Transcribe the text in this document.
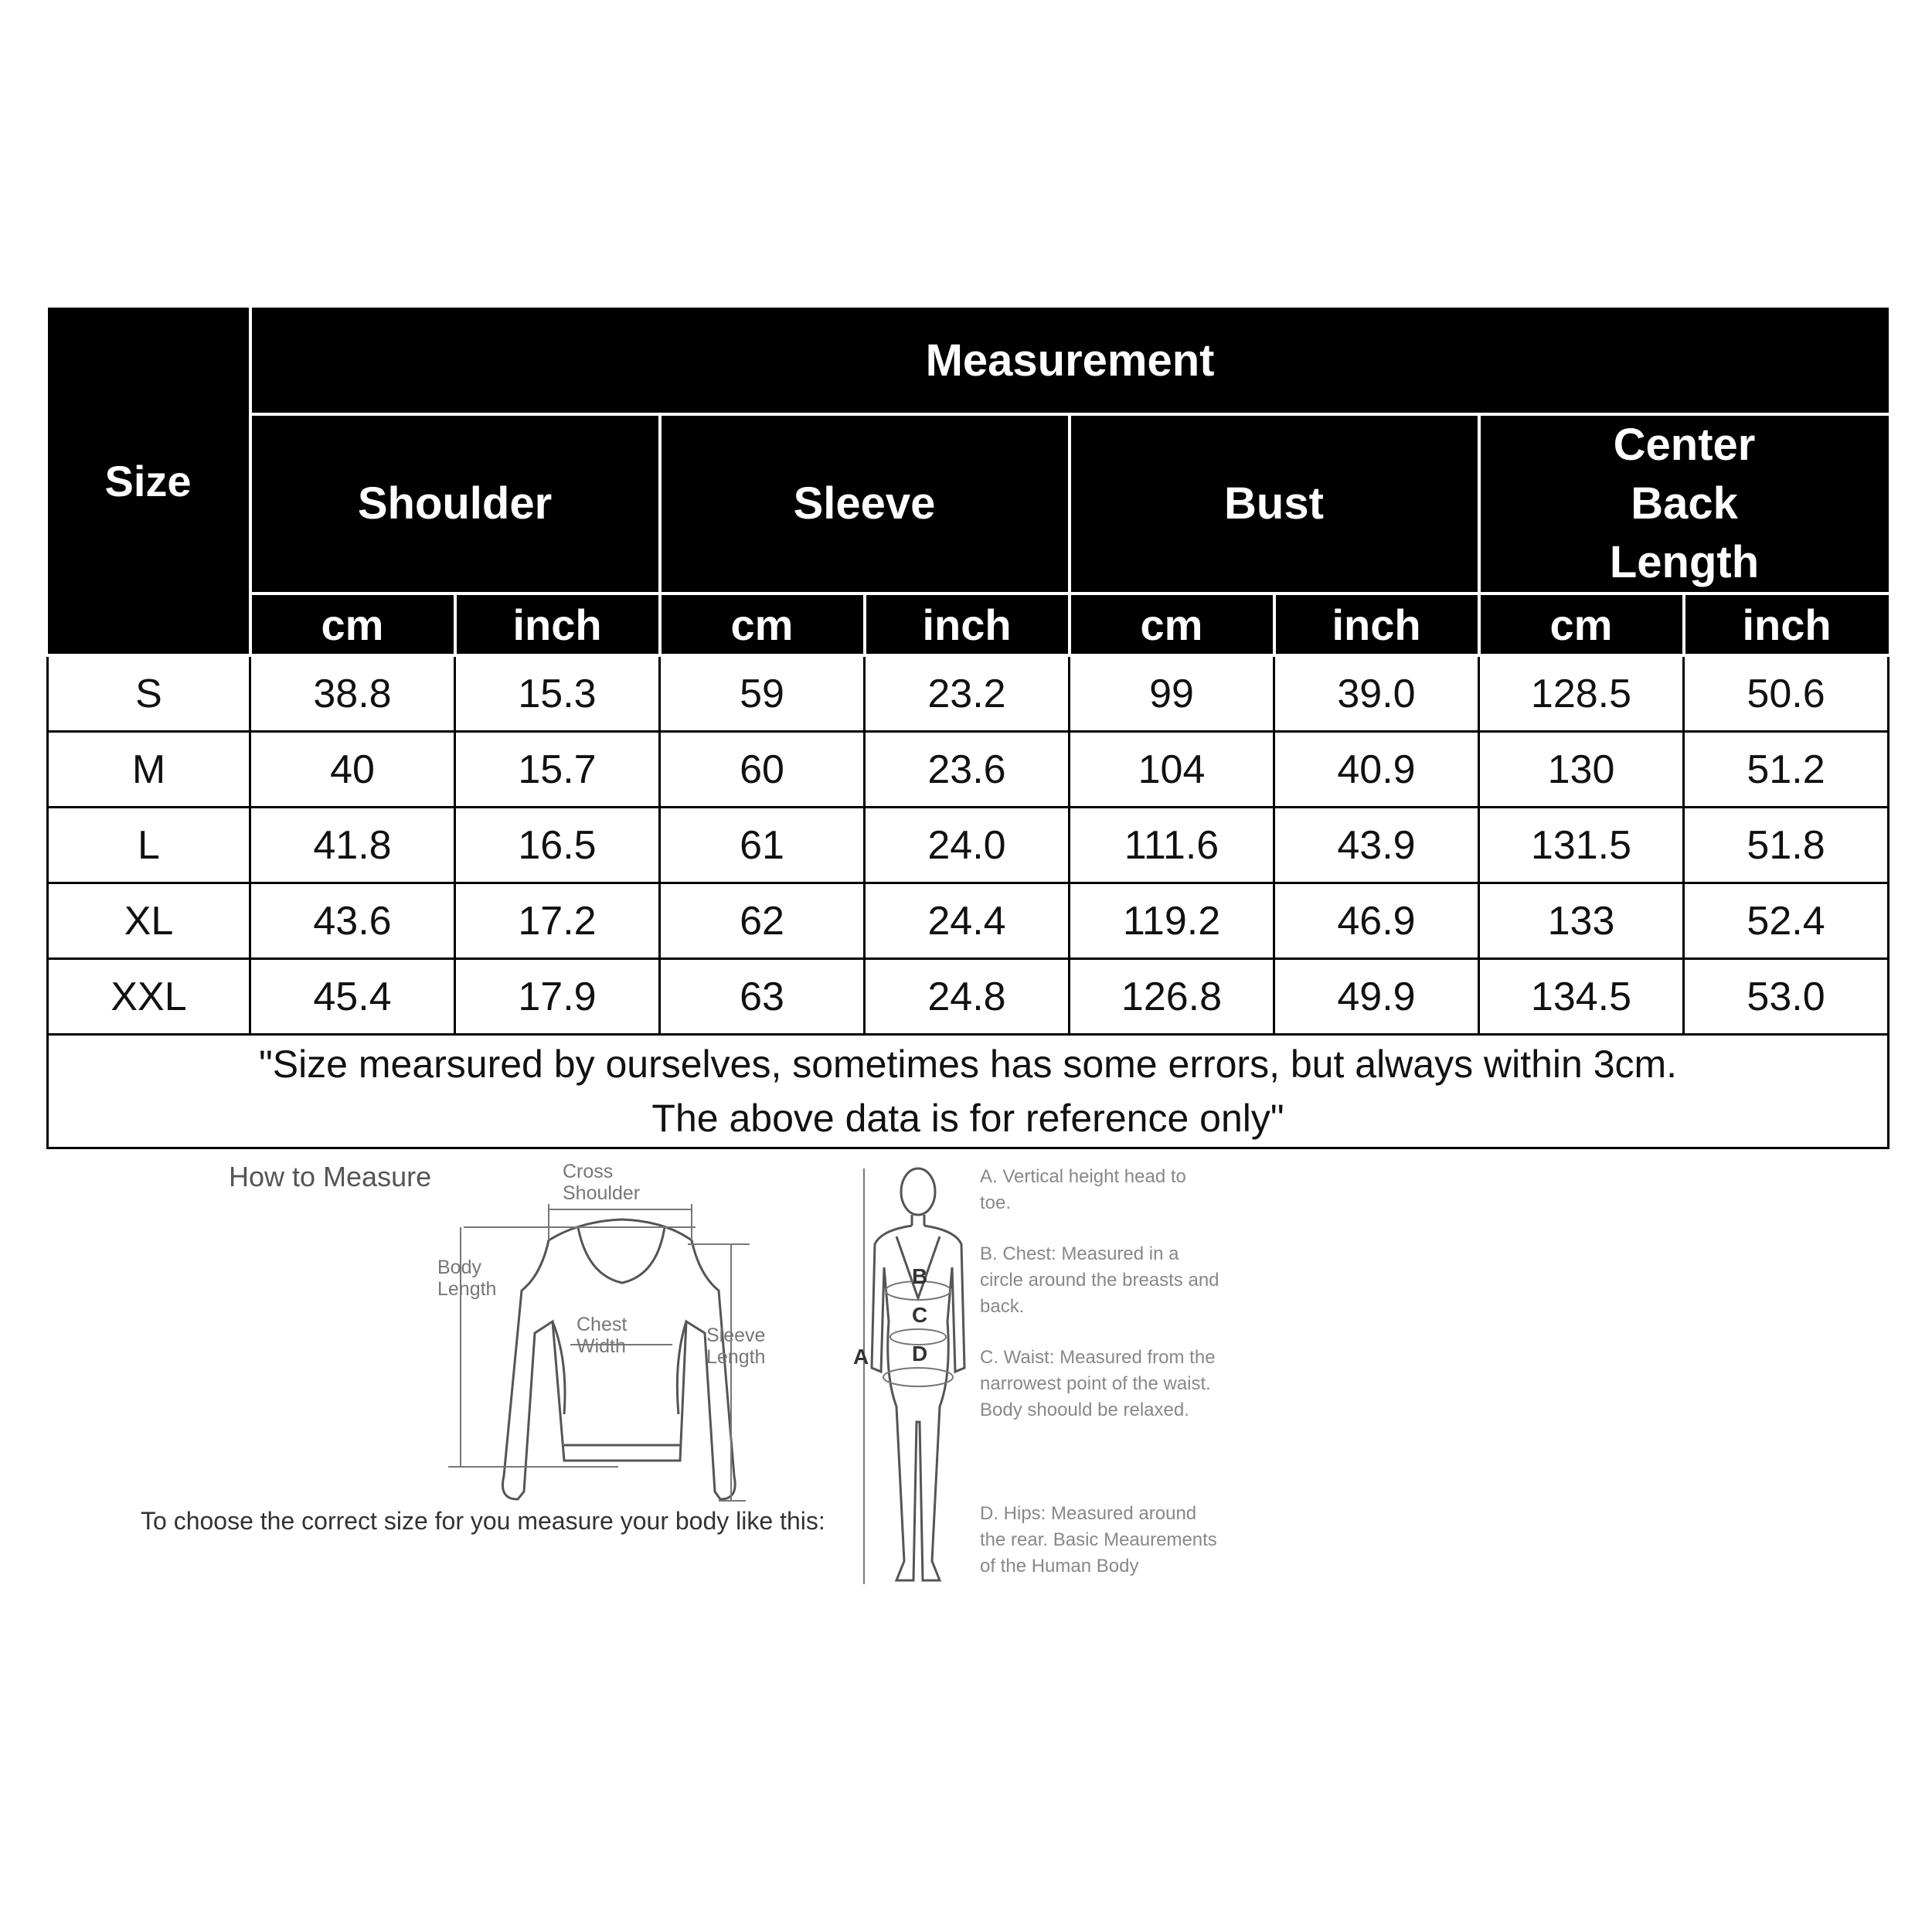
Size	Measurement							
	Shoulder		Sleeve		Bust		Center Back Length	
	cm	inch	cm	inch	cm	inch	cm	inch
S	38.8	15.3	59	23.2	99	39.0	128.5	50.6
M	40	15.7	60	23.6	104	40.9	130	51.2
L	41.8	16.5	61	24.0	111.6	43.9	131.5	51.8
XL	43.6	17.2	62	24.4	119.2	46.9	133	52.4
XXL	45.4	17.9	63	24.8	126.8	49.9	134.5	53.0

"Size mearsured by ourselves, sometimes has some errors, but always within 3cm.
The above data is for reference only"								
How to Measure
To choose the correct size for you measure your body like this:
Cross
Shoulder
Body
Length
Chest
Width	Sleeve
Length	A
B
C
D
A. Vertical height head to toe.
B. Chest: Measured in a circle around the breasts and back.
C. Waist: Measured from the narrowest point of the waist. Body shoould be relaxed.
D. Hips: Measured around the rear. Basic Meaurements of the Human Body
